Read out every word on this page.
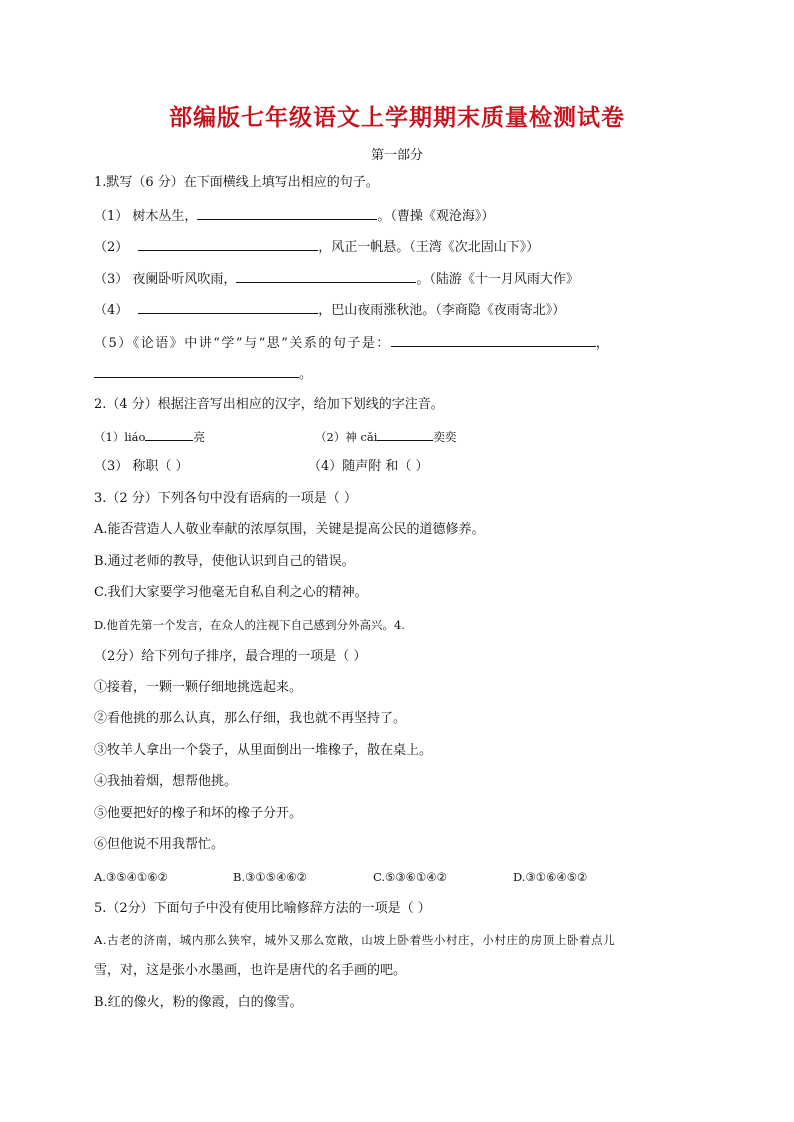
部编版七年级语文上学期期末质量检测试卷
第一部分
1.默写（6 分）在下面横线上填写出相应的句子。
（1） 树木丛生，	。（曹操《观沧海》）
（2）	，风正一帆悬。（王湾《次北固山下》）
（3） 夜阑卧听风吹雨，	。（陆游《十一月风雨大作》
（4）	，巴山夜雨涨秋池。（李商隐《夜雨寄北》）
（5）《论语》中讲“学”与“思”关系的句子是：	，
。
2.（4 分）根据注音写出相应的汉字，给加下划线的字注音。
（1）liáo	亮	（2）神 cǎi	奕奕
（3） 称职（ ）	（4）随声附 和（ ）
3.（2 分）下列各句中没有语病的一项是（ ）
A.能否营造人人敬业奉献的浓厚氛围，关键是提高公民的道德修养。
B.通过老师的教导，使他认识到自己的错误。
C.我们大家要学习他毫无自私自利之心的精神。
D.他首先第一个发言，在众人的注视下自己感到分外高兴。4.
（2分）给下列句子排序，最合理的一项是（ ）
①接着，一颗一颗仔细地挑选起来。
②看他挑的那么认真，那么仔细，我也就不再坚持了。
③牧羊人拿出一个袋子，从里面倒出一堆橡子，散在桌上。
④我抽着烟，想帮他挑。
⑤他要把好的橡子和坏的橡子分开。
⑥但他说不用我帮忙。
A.③⑤④①⑥②	B.③①⑤④⑥②	C.⑤③⑥①④②	D.③①⑥④⑤②
5.（2分）下面句子中没有使用比喻修辞方法的一项是（ ）
A.古老的济南，城内那么狭窄，城外又那么宽敞，山坡上卧着些小村庄，小村庄的房顶上卧着点儿
雪，对，这是张小水墨画，也许是唐代的名手画的吧。
B.红的像火，粉的像霞，白的像雪。
